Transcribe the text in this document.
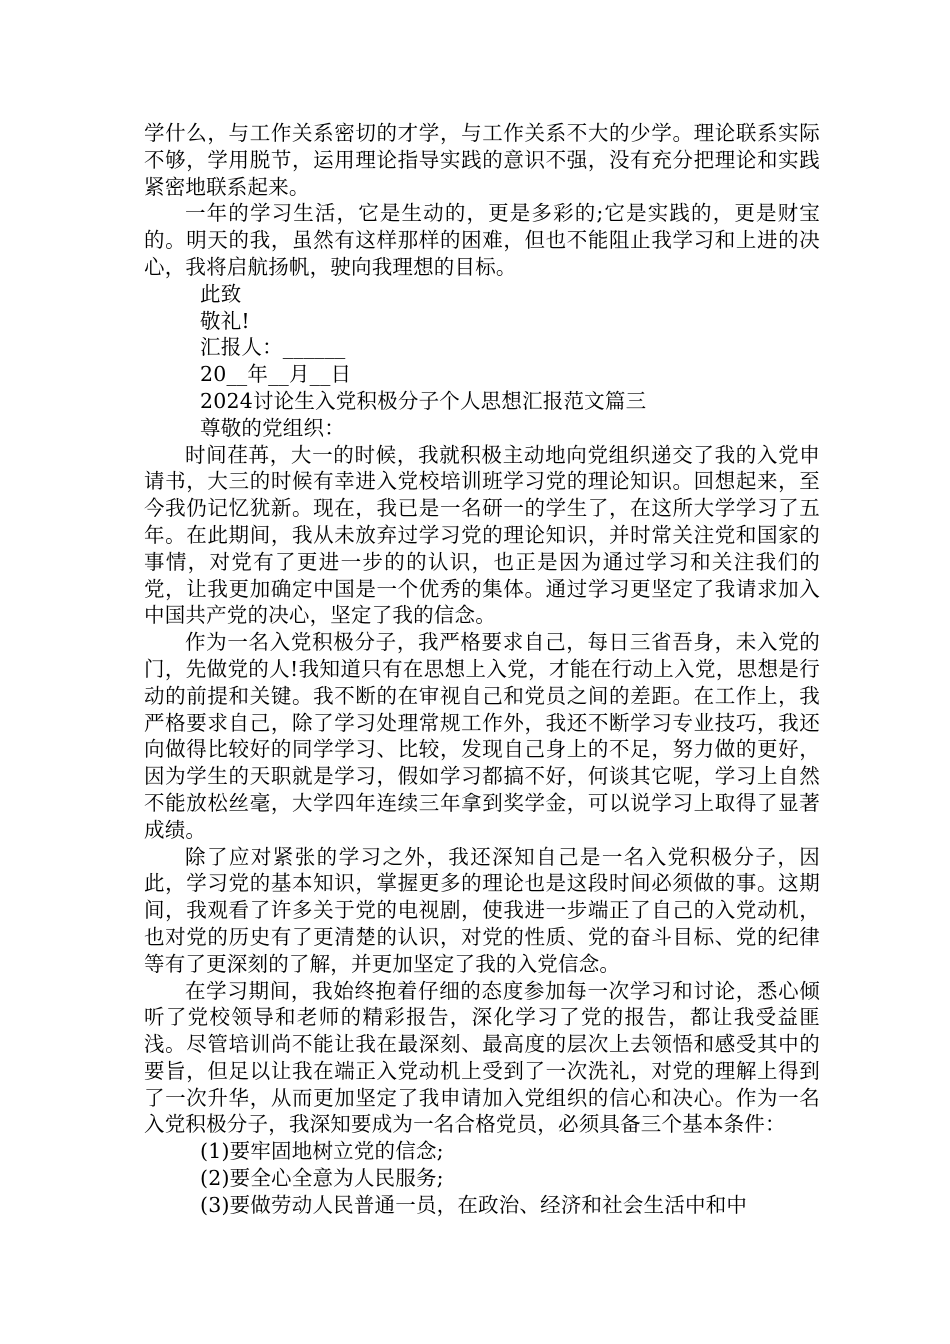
学什么，与工作关系密切的才学，与工作关系不大的少学。理论联系实际不够，学用脱节，运用理论指导实践的意识不强，没有充分把理论和实践紧密地联系起来。

一年的学习生活，它是生动的，更是多彩的;它是实践的，更是财宝的。明天的我，虽然有这样那样的困难，但也不能阻止我学习和上进的决心，我将启航扬帆，驶向我理想的目标。

此致

敬礼!

汇报人：______

20__年__月__日

2024讨论生入党积极分子个人思想汇报范文篇三

尊敬的党组织：

时间荏苒，大一的时候，我就积极主动地向党组织递交了我的入党申请书，大三的时候有幸进入党校培训班学习党的理论知识。回想起来，至今我仍记忆犹新。现在，我已是一名研一的学生了，在这所大学学习了五年。在此期间，我从未放弃过学习党的理论知识，并时常关注党和国家的事情，对党有了更进一步的的认识，也正是因为通过学习和关注我们的党，让我更加确定中国是一个优秀的集体。通过学习更坚定了我请求加入中国共产党的决心，坚定了我的信念。

作为一名入党积极分子，我严格要求自己，每日三省吾身，未入党的门，先做党的人!我知道只有在思想上入党，才能在行动上入党，思想是行动的前提和关键。我不断的在审视自己和党员之间的差距。在工作上，我严格要求自己，除了学习处理常规工作外，我还不断学习专业技巧，我还向做得比较好的同学学习、比较，发现自己身上的不足，努力做的更好，因为学生的天职就是学习，假如学习都搞不好，何谈其它呢，学习上自然不能放松丝毫，大学四年连续三年拿到奖学金，可以说学习上取得了显著成绩。

除了应对紧张的学习之外，我还深知自己是一名入党积极分子，因此，学习党的基本知识，掌握更多的理论也是这段时间必须做的事。这期间，我观看了许多关于党的电视剧，使我进一步端正了自己的入党动机，也对党的历史有了更清楚的认识，对党的性质、党的奋斗目标、党的纪律等有了更深刻的了解，并更加坚定了我的入党信念。

在学习期间，我始终抱着仔细的态度参加每一次学习和讨论，悉心倾听了党校领导和老师的精彩报告，深化学习了党的报告，都让我受益匪浅。尽管培训尚不能让我在最深刻、最高度的层次上去领悟和感受其中的要旨，但足以让我在端正入党动机上受到了一次洗礼，对党的理解上得到了一次升华，从而更加坚定了我申请加入党组织的信心和决心。作为一名入党积极分子，我深知要成为一名合格党员，必须具备三个基本条件：

(1)要牢固地树立党的信念;

(2)要全心全意为人民服务;

(3)要做劳动人民普通一员，在政治、经济和社会生活中和中
